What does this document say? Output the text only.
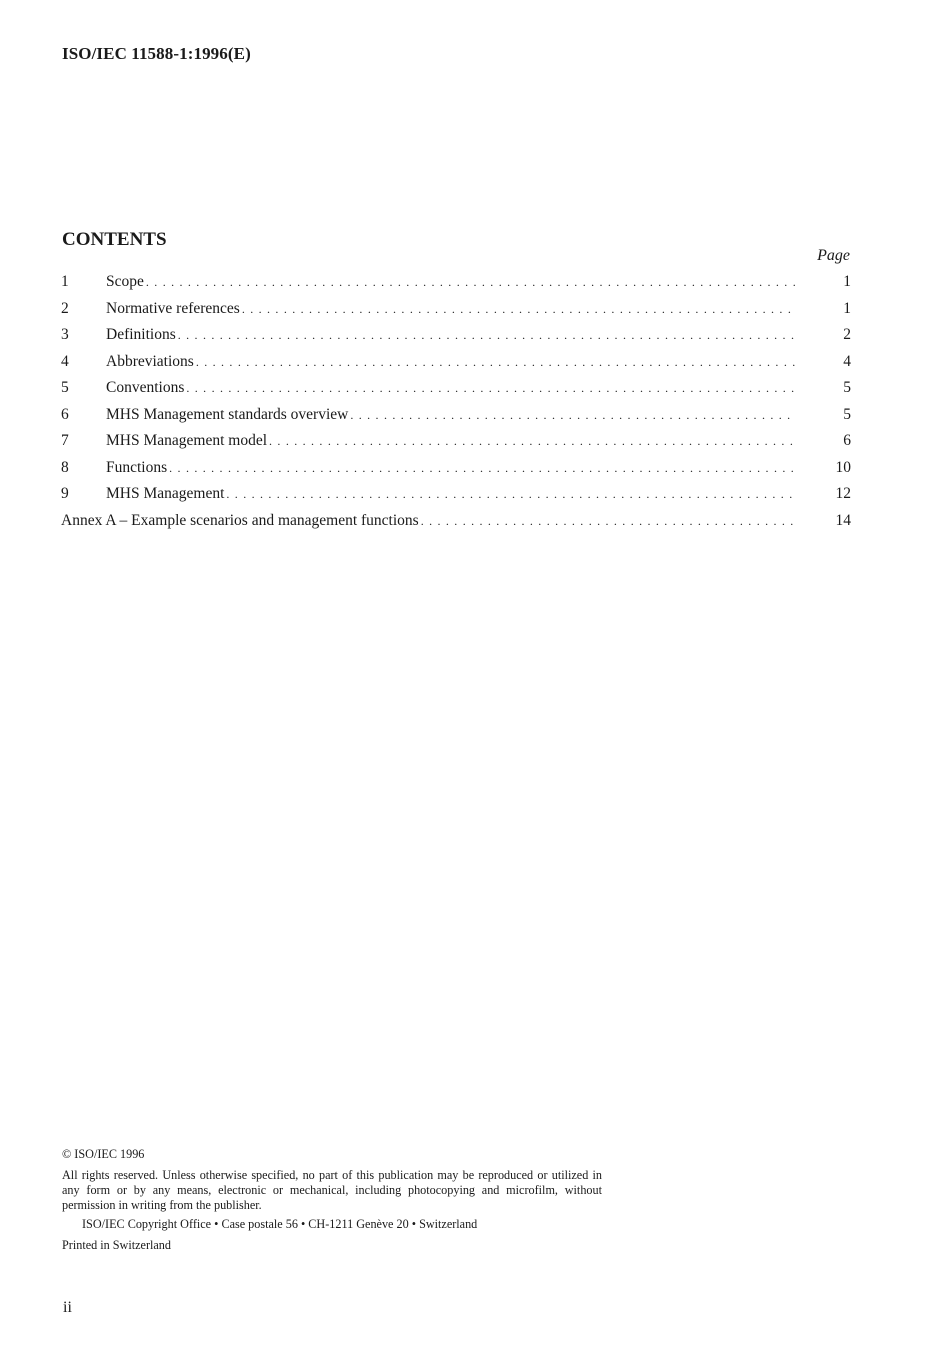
ISO/IEC 11588-1:1996(E)
CONTENTS
Page
1	Scope . . .	1
2	Normative references . . .	1
3	Definitions . . .	2
4	Abbreviations . . .	4
5	Conventions . . .	5
6	MHS Management standards overview . . .	5
7	MHS Management model . . .	6
8	Functions . . .	10
9	MHS Management . . .	12
Annex A – Example scenarios and management functions . . .	14

© ISO/IEC 1996

All rights reserved. Unless otherwise specified, no part of this publication may be reproduced or utilized in any form or by any means, electronic or mechanical, including photocopying and microfilm, without permission in writing from the publisher.

ISO/IEC Copyright Office • Case postale 56 • CH-1211 Genève 20 • Switzerland

Printed in Switzerland

ii
